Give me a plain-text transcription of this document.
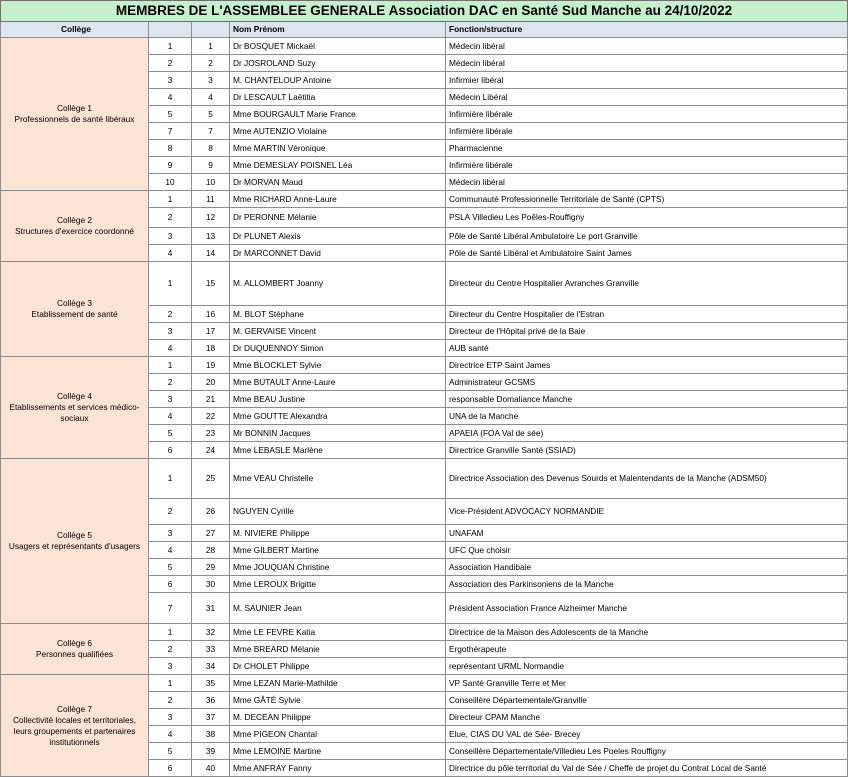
MEMBRES DE L'ASSEMBLEE GENERALE Association DAC en Santé Sud Manche au 24/10/2022				
Collège			Nom Prénom	Fonction/structure
Collège 1
Professionnels de santé libéraux	1	1	Dr BOSQUET Mickaël	Médecin libéral
	2	2	Dr JOSROLAND Suzy	Médecin libéral
	3	3	M. CHANTELOUP Antoine	Infirmier libéral
	4	4	Dr LESCAULT Laëtitia	Médecin Libéral
	5	5	Mme BOURGAULT Marie France	Infirmière libérale
	7	7	Mme AUTENZIO Violaine	Infirmière libérale
	8	8	Mme MARTIN Véronique	Pharmacienne
	9	9	Mme DEMESLAY POISNEL Léa	Infirmière libérale
	10	10	Dr MORVAN Maud	Médecin libéral
Collège 2
Structures d'exercice coordonné	1	11	Mme RICHARD Anne-Laure	Communauté Professionnelle Territoriale de Santé (CPTS)
	2	12	Dr PERONNE Mélanie	PSLA Villedieu Les Poêles-Rouffigny
	3	13	Dr PLUNET Alexis	Pôle de Santé Libéral Ambulatoire Le port Granville
	4	14	Dr MARCONNET David	Pôle de Santé Libéral et Ambulatoire Saint James
Collège 3
Etablissement de santé	1	15	M. ALLOMBERT Joanny	Directeur du Centre Hospitalier Avranches Granville
	2	16	M. BLOT Stéphane	Directeur du Centre Hospitalier de l'Estran
	3	17	M. GERVAISE Vincent	Directeur de l'Hôpital privé de la Baie
	4	18	Dr DUQUENNOY Simon	AUB santé
Collège 4
Etablissements et services médico-sociaux	1	19	Mme BLOCKLET Sylvie	Directrice ETP Saint James
	2	20	Mme BUTAULT Anne-Laure	Administrateur GCSMS
	3	21	Mme BEAU Justine	responsable Domaliance Manche
	4	22	Mme GOUTTE Alexandra	UNA de la Manche
	5	23	Mr BONNIN Jacques	APAEIA (FOA Val de sée)
	6	24	Mme LEBASLE Marlène	Directrice Granville Santé (SSIAD)
Collège 5
Usagers et représentants d'usagers	1	25	Mme VEAU Christelle	Directrice Association des Devenus Sourds et Malentendants de la Manche (ADSM50)
	2	26	NGUYEN Cyrille	Vice-Président ADVOCACY NORMANDIE
	3	27	M. NIVIERE Philippe	UNAFAM
	4	28	Mme GILBERT Martine	UFC Que choisir
	5	29	Mme JOUQUAN Christine	Association Handibaie
	6	30	Mme LEROUX Brigitte	Association des Parkinsoniens de la Manche
	7	31	M. SAUNIER Jean	Président Association France Alzheimer Manche
Collège 6
Personnes qualifiées	1	32	Mme LE FEVRE Katia	Directrice de la Maison des Adolescents de la Manche
	2	33	Mme BREARD Mélanie	Ergothérapeute
	3	34	Dr CHOLET Philippe	représentant URML Normandie
Collège 7
Collectivité locales et territoriales, leurs groupements et partenaires institutionnels	1	35	Mme LEZAN Marie-Mathilde	VP Santé Granville Terre et Mer
	2	36	Mme GÂTÉ Sylvie	Conseillère Départementale/Granville
	3	37	M. DECEAN Philippe	Directeur CPAM Manche
	4	38	Mme PIGEON Chantal	Elue, CIAS DU VAL de Sée- Brecey
	5	39	Mme LEMOINE Martine	Conseillère Départementale/Villedieu Les Poeles Rouffigny
	6	40	Mme ANFRAY Fanny	Directrice du pôle territorial du Val de Sée / Cheffe de projet du Contrat Local de Santé
